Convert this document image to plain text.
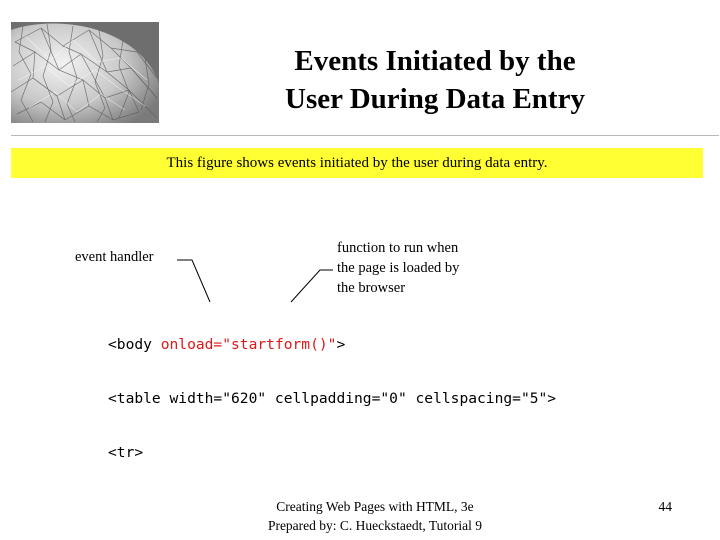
Events Initiated by the
User During Data Entry
This figure shows events initiated by the user during data entry.
event handler
function to run when
the page is loaded by
the browser

<body onload="startform()">

<table width="620" cellpadding="0" cellspacing="5">

<tr>

Creating Web Pages with HTML, 3e
Prepared by: C. Hueckstaedt, Tutorial 9
44
